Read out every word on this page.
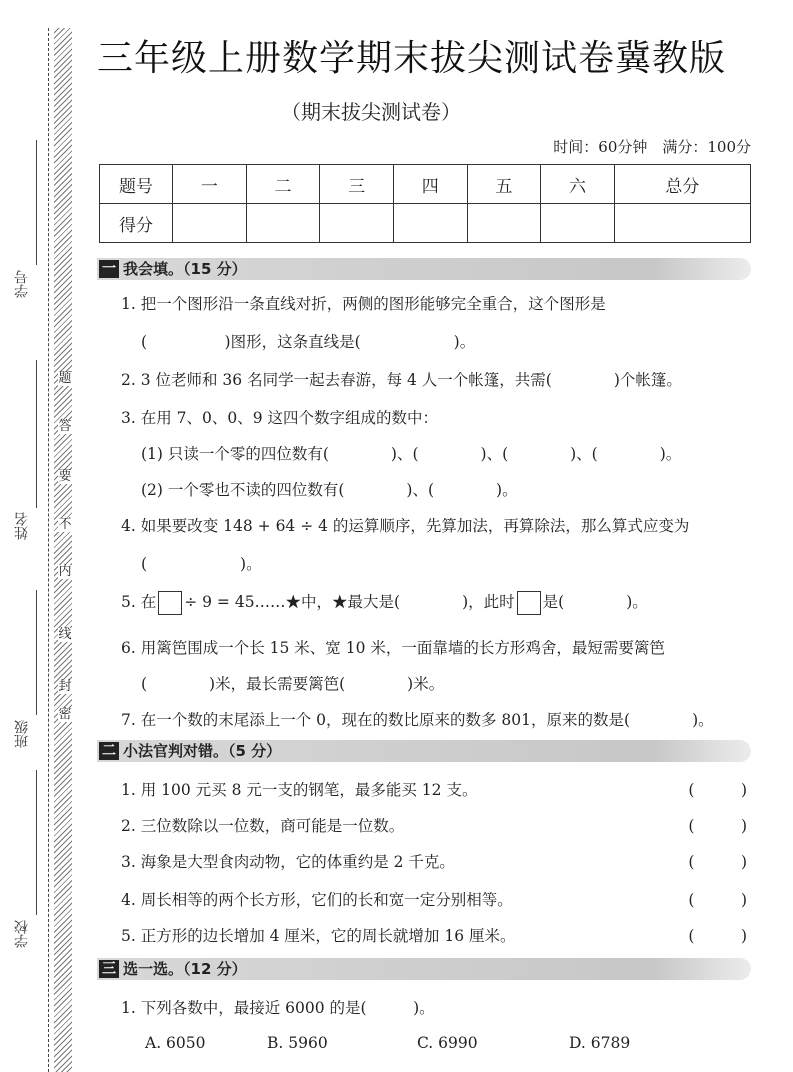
学号
姓名
班级
学校
题
答
要
不
内
线
封
密
三年级上册数学期末拔尖测试卷冀教版
（期末拔尖测试卷）
时间：60分钟　满分：100分
题号	一	二	三	四	五	六	总分
得分							
一 我会填。（15 分）
1. 把一个图形沿一条直线对折，两侧的图形能够完全重合，这个图形是
(　　　　　)图形，这条直线是(　　　　　　)。
2. 3 位老师和 36 名同学一起去春游，每 4 人一个帐篷，共需(　　　　)个帐篷。
3. 在用 7、0、0、9 这四个数字组成的数中：
(1) 只读一个零的四位数有(　　　　)、(　　　　)、(　　　　)、(　　　　)。
(2) 一个零也不读的四位数有(　　　　)、(　　　　)。
4. 如果要改变 148 + 64 ÷ 4 的运算顺序，先算加法，再算除法，那么算式应变为
(　　　　　　)。
5. 在 ÷ 9 = 45……★中，★最大是(　　　　)，此时 是(　　　　)。
6. 用篱笆围成一个长 15 米、宽 10 米，一面靠墙的长方形鸡舍，最短需要篱笆
(　　　　)米，最长需要篱笆(　　　　)米。
7. 在一个数的末尾添上一个 0，现在的数比原来的数多 801，原来的数是(　　　　)。
二 小法官判对错。（5 分）
1. 用 100 元买 8 元一支的钢笔，最多能买 12 支。	(　　　)
2. 三位数除以一位数，商可能是一位数。	(　　　)
3. 海象是大型食肉动物，它的体重约是 2 千克。	(　　　)
4. 周长相等的两个长方形，它们的长和宽一定分别相等。	(　　　)
5. 正方形的边长增加 4 厘米，它的周长就增加 16 厘米。	(　　　)
三 选一选。（12 分）
1. 下列各数中，最接近 6000 的是(　　　)。
A. 6050	B. 5960	C. 6990	D. 6789
